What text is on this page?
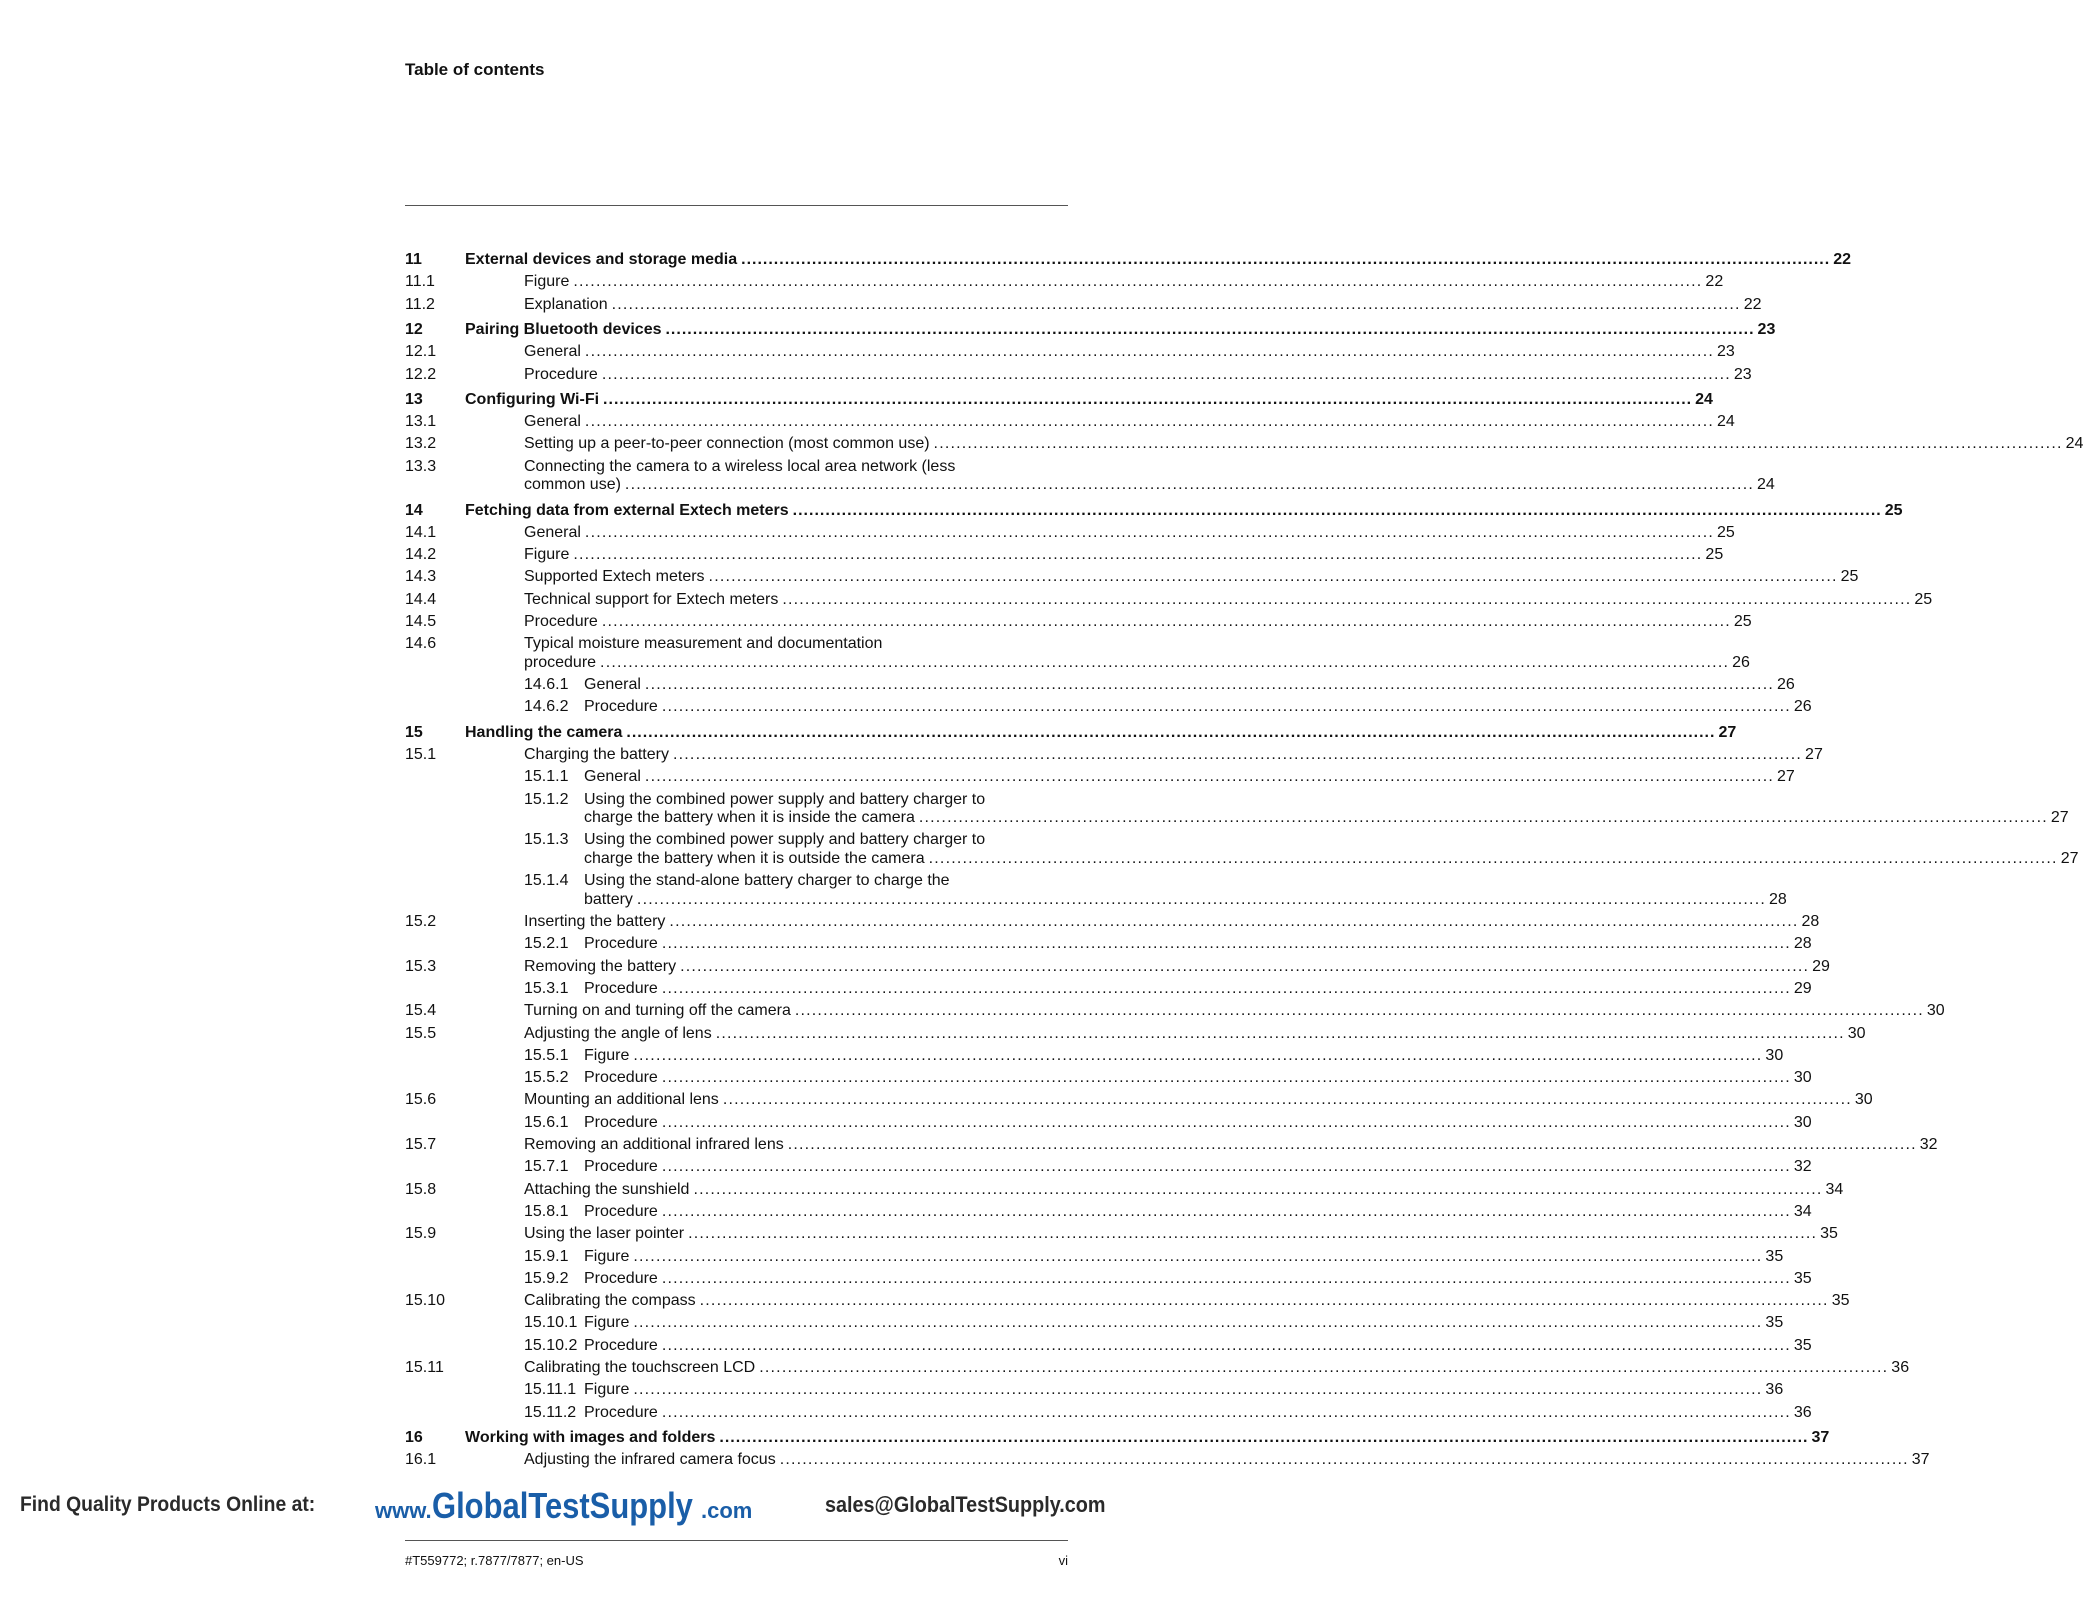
Table of contents
11	External devices and storage media ........................................................................................................................................................................................................ 22
11.1	Figure ........................................................................................................................................................................................................ 22
11.2	Explanation ........................................................................................................................................................................................................ 22
12	Pairing Bluetooth devices ........................................................................................................................................................................................................ 23
12.1	General ........................................................................................................................................................................................................ 23
12.2	Procedure ........................................................................................................................................................................................................ 23
13	Configuring Wi-Fi ........................................................................................................................................................................................................ 24
13.1	General ........................................................................................................................................................................................................ 24
13.2	Setting up a peer-to-peer connection (most common use) ........................................................................................................................................................................................................ 24
13.3	Connecting the camera to a wireless local area network (less
common use) ........................................................................................................................................................................................................ 24
14	Fetching data from external Extech meters ........................................................................................................................................................................................................ 25
14.1	General ........................................................................................................................................................................................................ 25
14.2	Figure ........................................................................................................................................................................................................ 25
14.3	Supported Extech meters ........................................................................................................................................................................................................ 25
14.4	Technical support for Extech meters ........................................................................................................................................................................................................ 25
14.5	Procedure ........................................................................................................................................................................................................ 25
14.6	Typical moisture measurement and documentation
procedure ........................................................................................................................................................................................................ 26
14.6.1 General ........................................................................................................................................................................................................ 26
14.6.2 Procedure ........................................................................................................................................................................................................ 26
15	Handling the camera ........................................................................................................................................................................................................ 27
15.1	Charging the battery ........................................................................................................................................................................................................ 27
15.1.1 General ........................................................................................................................................................................................................ 27
15.1.2 Using the combined power supply and battery charger to
charge the battery when it is inside the camera ........................................................................................................................................................................................................ 27
15.1.3 Using the combined power supply and battery charger to
charge the battery when it is outside the camera ........................................................................................................................................................................................................ 27
15.1.4 Using the stand-alone battery charger to charge the
battery ........................................................................................................................................................................................................ 28
15.2	Inserting the battery ........................................................................................................................................................................................................ 28
15.2.1 Procedure ........................................................................................................................................................................................................ 28
15.3	Removing the battery ........................................................................................................................................................................................................ 29
15.3.1 Procedure ........................................................................................................................................................................................................ 29
15.4	Turning on and turning off the camera ........................................................................................................................................................................................................ 30
15.5	Adjusting the angle of lens ........................................................................................................................................................................................................ 30
15.5.1 Figure ........................................................................................................................................................................................................ 30
15.5.2 Procedure ........................................................................................................................................................................................................ 30
15.6	Mounting an additional lens ........................................................................................................................................................................................................ 30
15.6.1 Procedure ........................................................................................................................................................................................................ 30
15.7	Removing an additional infrared lens ........................................................................................................................................................................................................ 32
15.7.1 Procedure ........................................................................................................................................................................................................ 32
15.8	Attaching the sunshield ........................................................................................................................................................................................................ 34
15.8.1 Procedure ........................................................................................................................................................................................................ 34
15.9	Using the laser pointer ........................................................................................................................................................................................................ 35
15.9.1 Figure ........................................................................................................................................................................................................ 35
15.9.2 Procedure ........................................................................................................................................................................................................ 35
15.10	Calibrating the compass ........................................................................................................................................................................................................ 35
15.10.1 Figure ........................................................................................................................................................................................................ 35
15.10.2 Procedure ........................................................................................................................................................................................................ 35
15.11	Calibrating the touchscreen LCD ........................................................................................................................................................................................................ 36
15.11.1 Figure ........................................................................................................................................................................................................ 36
15.11.2 Procedure ........................................................................................................................................................................................................ 36
16	Working with images and folders ........................................................................................................................................................................................................ 37
16.1	Adjusting the infrared camera focus ........................................................................................................................................................................................................ 37
Find Quality Products Online at:	www.GlobalTestSupply .com	sales@GlobalTestSupply.com
#T559772; r.7877/7877; en-US	vi
